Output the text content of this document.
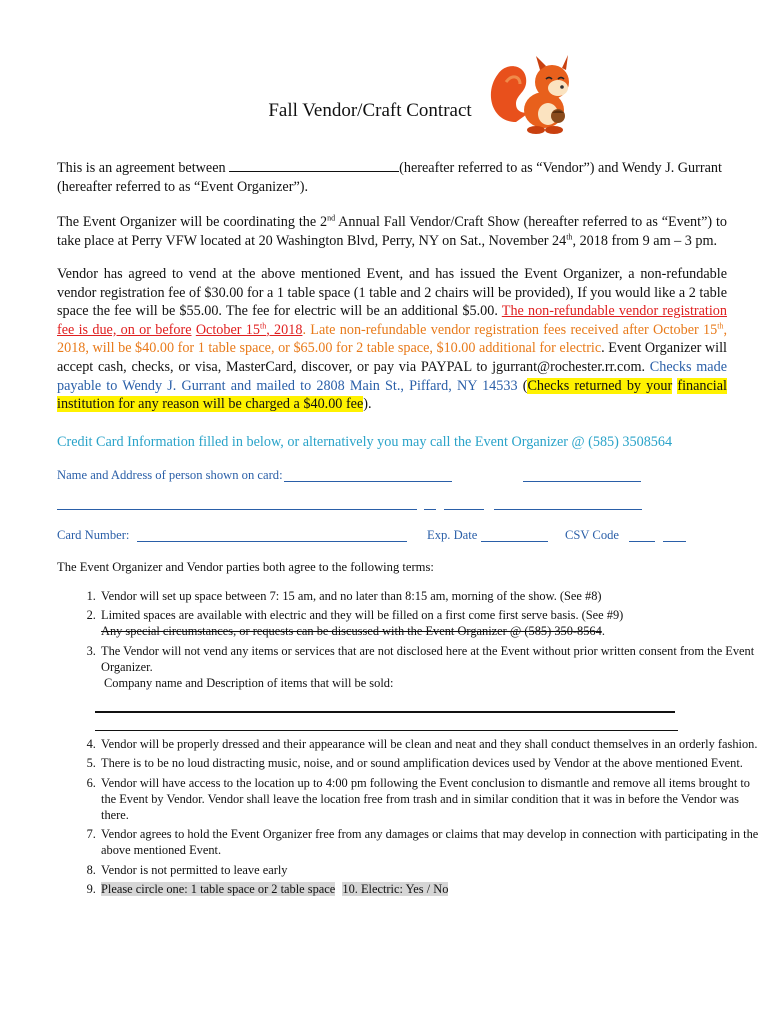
Fall Vendor/Craft Contract
This is an agreement between	(hereafter referred to as “Vendor”) and Wendy J. Gurrant
(hereafter referred to as “Event Organizer”).
The Event Organizer will be coordinating the 2nd Annual Fall Vendor/Craft Show (hereafter referred to as “Event”) to take place at Perry VFW located at 20 Washington Blvd, Perry, NY on Sat., November 24th, 2018 from 9 am – 3 pm.
Vendor has agreed to vend at the above mentioned Event, and has issued the Event Organizer, a non-refundable vendor registration fee of $30.00 for a 1 table space (1 table and 2 chairs will be provided), If you would like a 2 table space the fee will be $55.00. The fee for electric will be an additional $5.00. The non-refundable vendor registration fee is due, on or before October 15th, 2018. Late non-refundable vendor registration fees received after October 15th, 2018, will be $40.00 for 1 table space, or $65.00 for 2 table space, $10.00 additional for electric. Event Organizer will accept cash, checks, or visa, MasterCard, discover, or pay via PAYPAL to jgurrant@rochester.rr.com. Checks made payable to Wendy J. Gurrant and mailed to 2808 Main St., Piffard, NY 14533 (Checks returned by your financial institution for any reason will be charged a $40.00 fee).
Credit Card Information filled in below, or alternatively you may call the Event Organizer @ (585) 3508564
Name and Address of person shown on card:
Card Number:	Exp. Date	CSV Code
The Event Organizer and Vendor parties both agree to the following terms:
1. Vendor will set up space between 7: 15 am, and no later than 8:15 am, morning of the show. (See #8)
2. Limited spaces are available with electric and they will be filled on a first come first serve basis. (See #9)
Any special circumstances, or requests can be discussed with the Event Organizer @ (585) 350-8564.
3. The Vendor will not vend any items or services that are not disclosed here at the Event without prior written consent from the Event Organizer.
Company name and Description of items that will be sold:
4. Vendor will be properly dressed and their appearance will be clean and neat and they shall conduct themselves in an orderly fashion.
5. There is to be no loud distracting music, noise, and or sound amplification devices used by Vendor at the above mentioned Event.
6. Vendor will have access to the location up to 4:00 pm following the Event conclusion to dismantle and remove all items brought to the Event by Vendor. Vendor shall leave the location free from trash and in similar condition that it was in before the Vendor was there.
7. Vendor agrees to hold the Event Organizer free from any damages or claims that may develop in connection with participating in the above mentioned Event.
8. Vendor is not permitted to leave early
9. Please circle one: 1 table space or 2 table space 10. Electric: Yes / No
